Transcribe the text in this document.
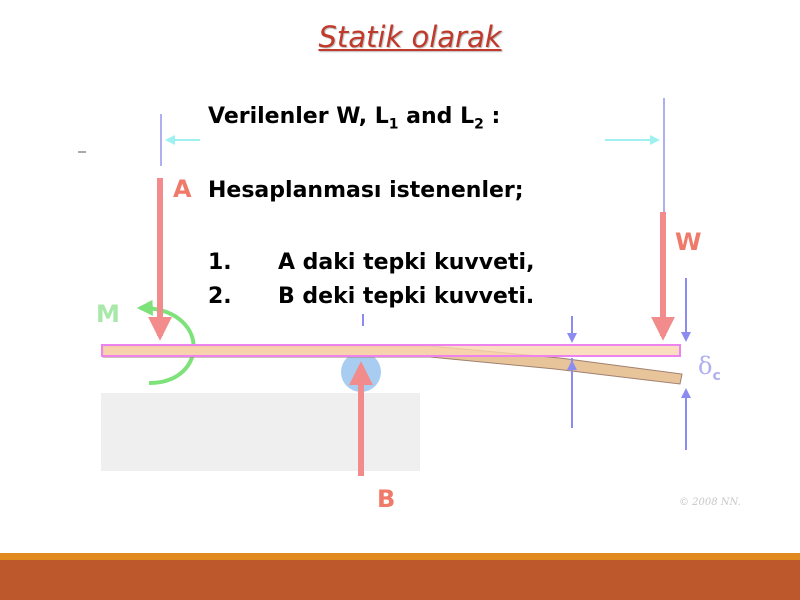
Statik olarak
Verilenler W, $L_1$ and $L_2$ :
Hesaplanması istenenler;
1. A daki tepki kuvveti,
2. B deki tepki kuvveti.
A
W
M
B
$\delta_c$
© 2008 NN.
